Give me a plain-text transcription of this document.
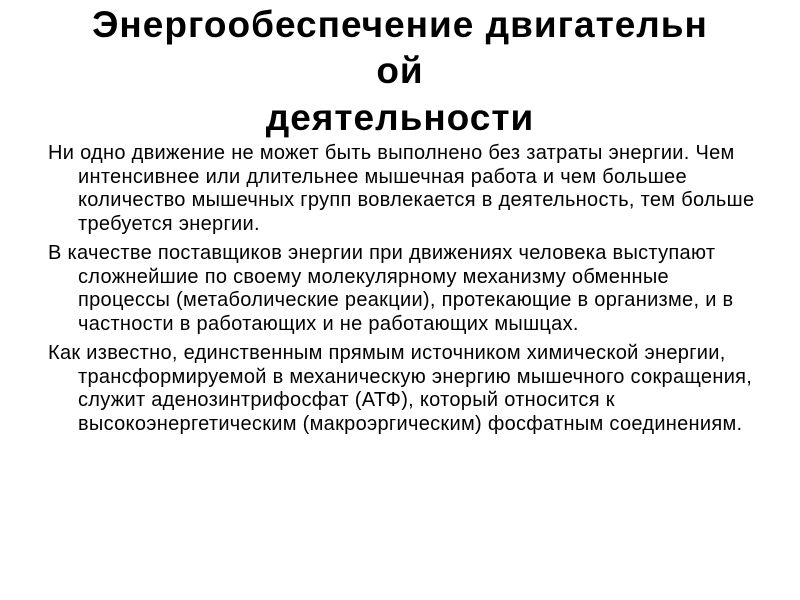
Энергообеспечение двигательн
ой
деятельности

Ни одно движение не может быть выполнено без затраты энергии. Чем интенсивнее или длительнее мышечная работа и чем большее количество мышечных групп вовлекается в деятельность, тем больше требуется энергии.

В качестве поставщиков энергии при движениях человека выступают сложнейшие по своему молекулярному механизму обменные процессы (метаболические реакции), протекающие в организме, и в частности в работающих и не работающих мышцах.

Как известно, единственным прямым источником химической энергии, трансформируемой в механическую энергию мышечного сокращения, служит аденозинтрифосфат (АТФ), который относится к высокоэнергетическим (макроэргическим) фосфатным соединениям.
